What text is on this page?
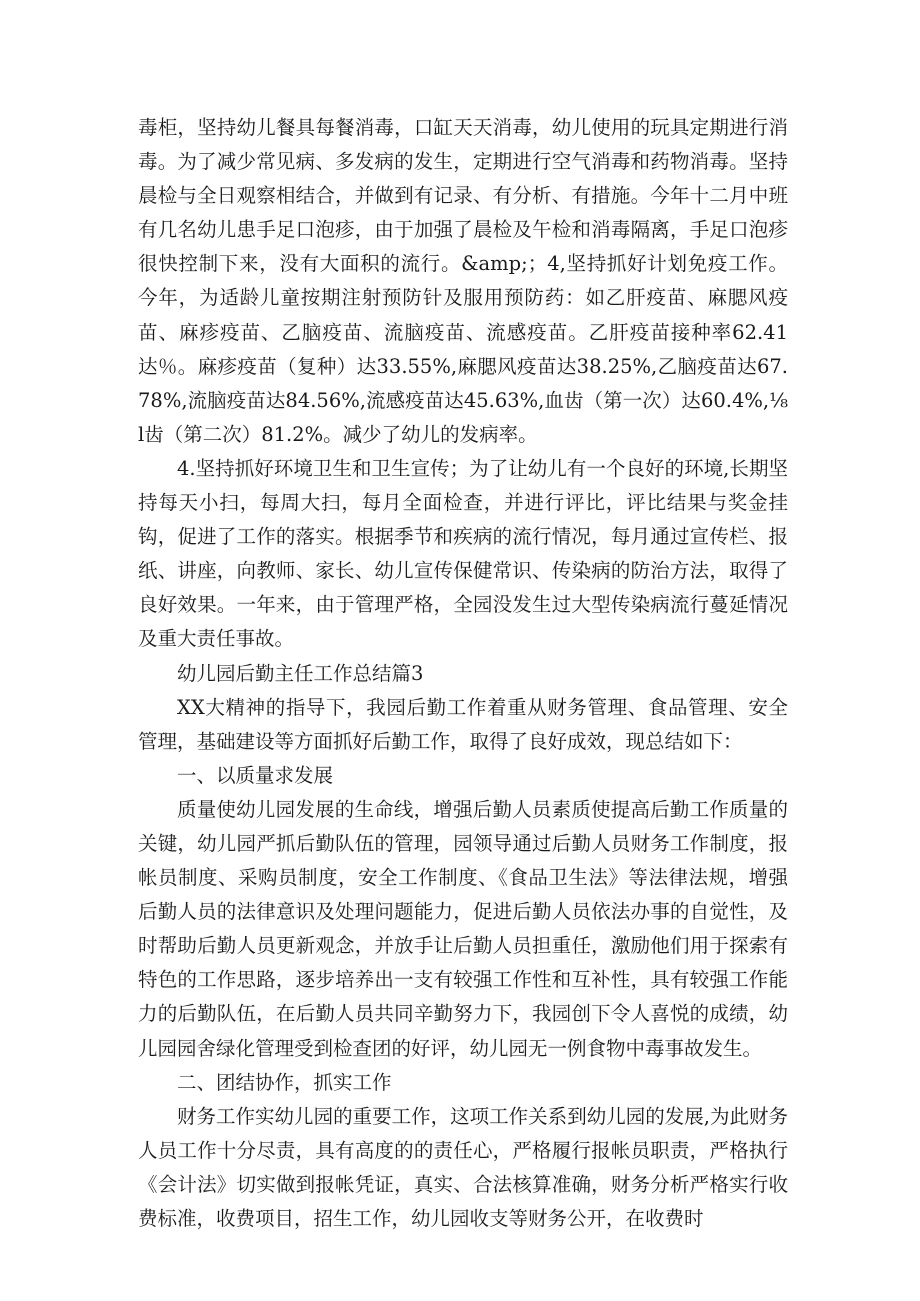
毒柜，坚持幼儿餐具每餐消毒，口缸天天消毒，幼儿使用的玩具定期进行消毒。为了减少常见病、多发病的发生，定期进行空气消毒和药物消毒。坚持晨检与全日观察相结合，并做到有记录、有分析、有措施。今年十二月中班有几名幼儿患手足口泡疹，由于加强了晨检及午检和消毒隔离，手足口泡疹很快控制下来，没有大面积的流行。&amp;；4,坚持抓好计划免疫工作。今年，为适龄儿童按期注射预防针及服用预防药：如乙肝疫苗、麻腮风疫苗、麻疹疫苗、乙脑疫苗、流脑疫苗、流感疫苗。乙肝疫苗接种率62.41达％。麻疹疫苗（复种）达33.55%,麻腮风疫苗达38.25%,乙脑疫苗达67.78%,流脑疫苗达84.56%,流感疫苗达45.63%,血齿（第一次）达60.4%,⅛l齿（第二次）81.2%。减少了幼儿的发病率。

4.坚持抓好环境卫生和卫生宣传；为了让幼儿有一个良好的环境,长期坚持每天小扫，每周大扫，每月全面检查，并进行评比，评比结果与奖金挂钩，促进了工作的落实。根据季节和疾病的流行情况，每月通过宣传栏、报纸、讲座，向教师、家长、幼儿宣传保健常识、传染病的防治方法，取得了良好效果。一年来，由于管理严格，全园没发生过大型传染病流行蔓延情况及重大责任事故。

幼儿园后勤主任工作总结篇3

XX大精神的指导下，我园后勤工作着重从财务管理、食品管理、安全管理，基础建设等方面抓好后勤工作，取得了良好成效，现总结如下：

一、以质量求发展

质量使幼儿园发展的生命线，增强后勤人员素质使提高后勤工作质量的关键，幼儿园严抓后勤队伍的管理，园领导通过后勤人员财务工作制度，报帐员制度、采购员制度，安全工作制度、《食品卫生法》等法律法规，增强后勤人员的法律意识及处理问题能力，促进后勤人员依法办事的自觉性，及时帮助后勤人员更新观念，并放手让后勤人员担重任，激励他们用于探索有特色的工作思路，逐步培养出一支有较强工作性和互补性，具有较强工作能力的后勤队伍，在后勤人员共同辛勤努力下，我园创下令人喜悦的成绩，幼儿园园舍绿化管理受到检查团的好评，幼儿园无一例食物中毒事故发生。

二、团结协作，抓实工作

财务工作实幼儿园的重要工作，这项工作关系到幼儿园的发展,为此财务人员工作十分尽责，具有高度的的责任心，严格履行报帐员职责，严格执行《会计法》切实做到报帐凭证，真实、合法核算准确，财务分析严格实行收费标准，收费项目，招生工作，幼儿园收支等财务公开，在收费时
